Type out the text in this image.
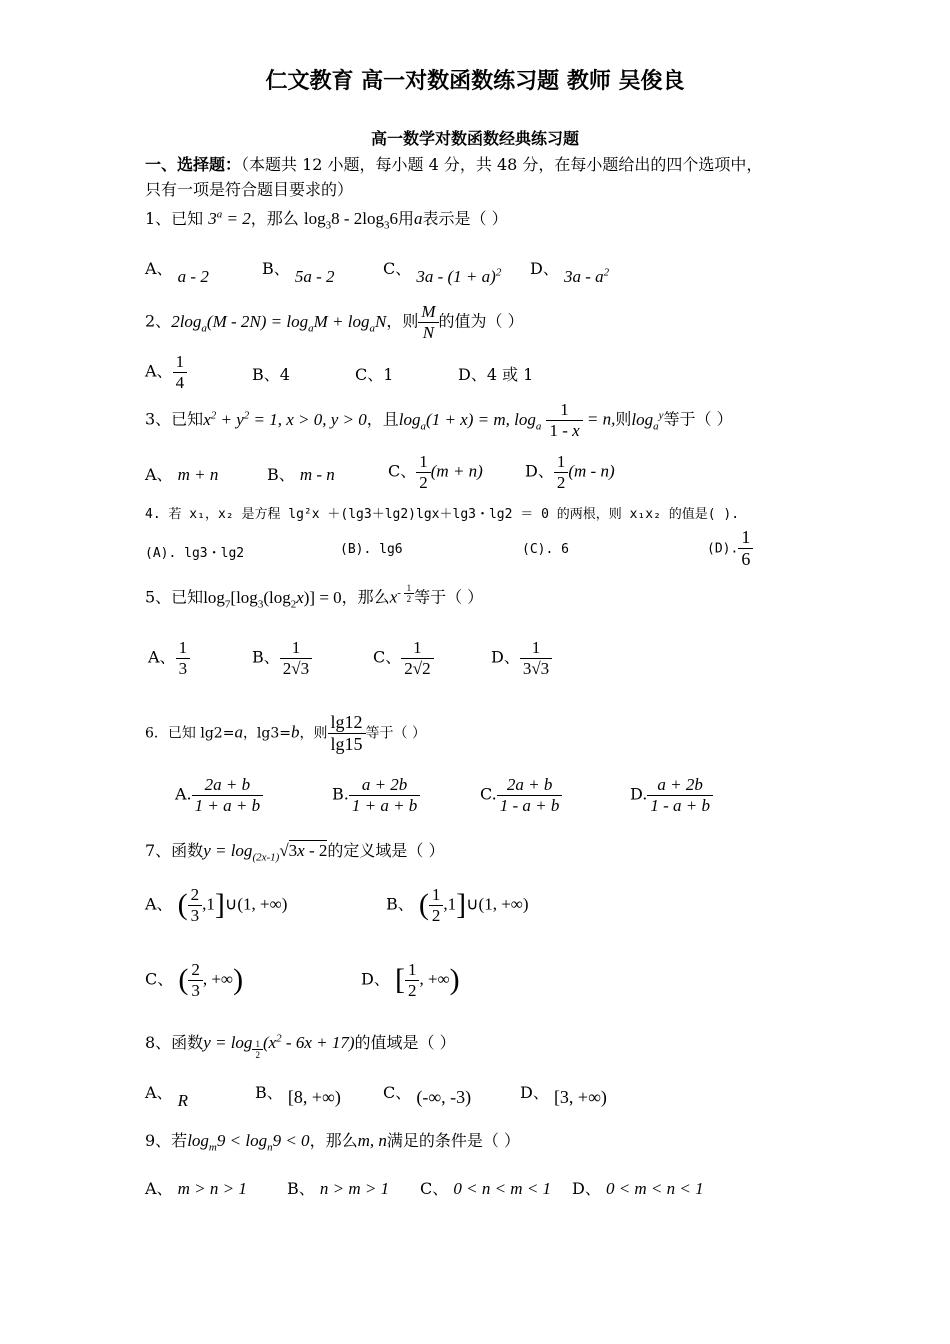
仁文教育 高一对数函数练习题 教师 吴俊良
高一数学对数函数经典练习题
一、选择题：（本题共 12 小题，每小题 4 分，共 48 分，在每小题给出的四个选项中，
只有一项是符合题目要求的）
1、已知 $3^a = 2$，那么 $\log_38 - 2\log_36$用a表示是（ ）
A、 a - 2	B、 5a - 2	C、 $3a - (1 + a)^2$ D、 $3a - a^2$
2、$2\log_a(M - 2N) = \log_aM + \log_aN$，则 $\frac{M}{N}$ 的值为（ ）
A、 $\frac{1}{4}$	B、4	C、1	D、4 或 1
3、已知$x^2 + y^2 = 1$, x > 0, y > 0，且$\log_a(1 + x) = m$, $\log_a \frac{1}{1 - x} = n$,则$\log_a^y$等于（ ）
A、 m + n	B、 m - n	C、 $\frac{1}{2} (m + n)$	D、 $\frac{1}{2} (m - n)$
4. 若 x₁，x₂ 是方程 lg²x ＋(lg3＋lg2)lgx＋lg3・lg2 ＝ 0 的两根，则 x₁x₂ 的值是( ).
(A). lg3・lg2	(B). lg6	(C). 6	(D). $\frac{1}{6}$
5、已知$\log_7[\log_3(\log_2x)] = 0$，那么$x^{- \frac{1}{2}}$ 等于（ ）
A、 $\frac{1}{3}$	B、 $\frac{1}{2√3}$	C、 $\frac{1}{2√2}$	D、 $\frac{1}{3√3}$
6．已知 lg2=a，lg3=b，则 $\frac{\lg 12}{\lg 15}$ 等于（ ）
A. $\frac{2a + b}{1 + a + b}$	B. $\frac{a + 2b}{1 + a + b}$	C. $\frac{2a + b}{1 - a + b}$	D. $\frac{a + 2b}{1 - a + b}$
7、函数$y = \log_{(2x-1)}√3x - 2$的定义域是（ ）
A、 ( $\frac{2}{3}$ ,1]∪(1, +∞)	B、 ( $\frac{1}{2}$ ,1]∪(1, +∞)
C、 ( $\frac{2}{3}$ , +∞)	D、 [ $\frac{1}{2}$ , +∞)
8、函数$y = \log \frac{1}{2} (x^2 - 6x + 17)$的值域是（ ）
A、 R	B、 [8, +∞)	C、 (-∞, -3)	D、 [3, +∞)
9、若$\log_m9 < \log_n9 < 0$，那么m, n满足的条件是（ ）
A、 m > n > 1	B、 n > m > 1 C、 0 < n < m < 1 D、 0 < m < n < 1
